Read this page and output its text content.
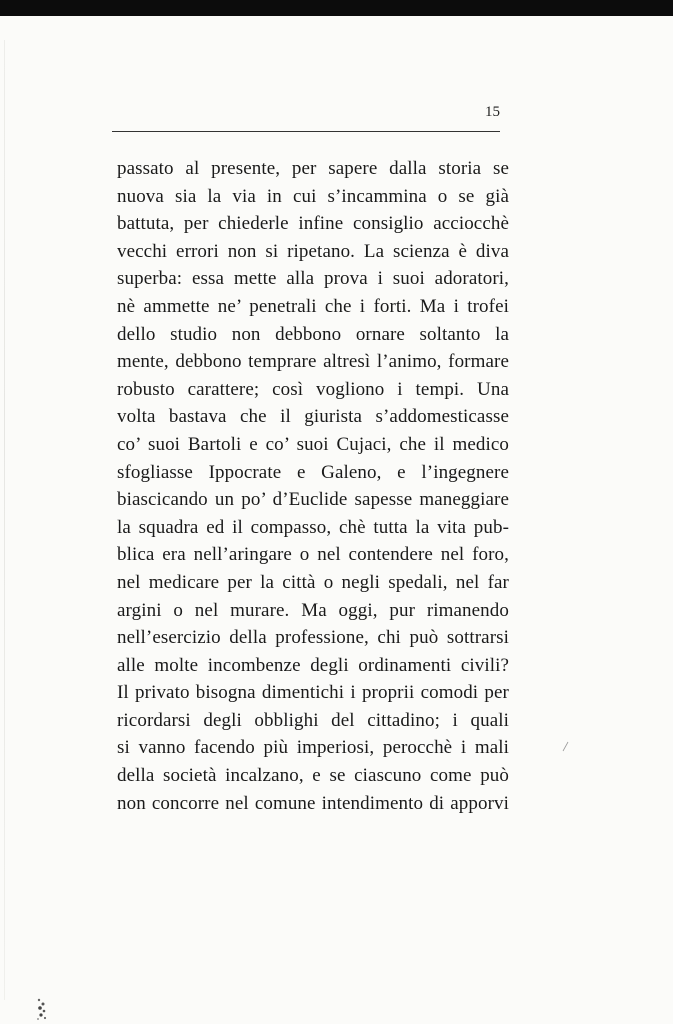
15
passato al presente, per sapere dalla storia se
nuova sia la via in cui s’incammina o se già
battuta, per chiederle infine consiglio acciocchè
vecchi errori non si ripetano. La scienza è diva
superba: essa mette alla prova i suoi adoratori,
nè ammette ne’ penetrali che i forti. Ma i trofei
dello studio non debbono ornare soltanto la
mente, debbono temprare altresì l’animo, formare
robusto carattere; così vogliono i tempi. Una
volta bastava che il giurista s’addomesticasse
co’ suoi Bartoli e co’ suoi Cujaci, che il medico
sfogliasse Ippocrate e Galeno, e l’ingegnere
biascicando un po’ d’Euclide sapesse maneggiare
la squadra ed il compasso, chè tutta la vita pub-
blica era nell’aringare o nel contendere nel foro,
nel medicare per la città o negli spedali, nel far
argini o nel murare. Ma oggi, pur rimanendo
nell’esercizio della professione, chi può sottrarsi
alle molte incombenze degli ordinamenti civili?
Il privato bisogna dimentichi i proprii comodi per
ricordarsi degli obblighi del cittadino; i quali
si vanno facendo più imperiosi, perocchè i mali
della società incalzano, e se ciascuno come può
non concorre nel comune intendimento di apporvi
